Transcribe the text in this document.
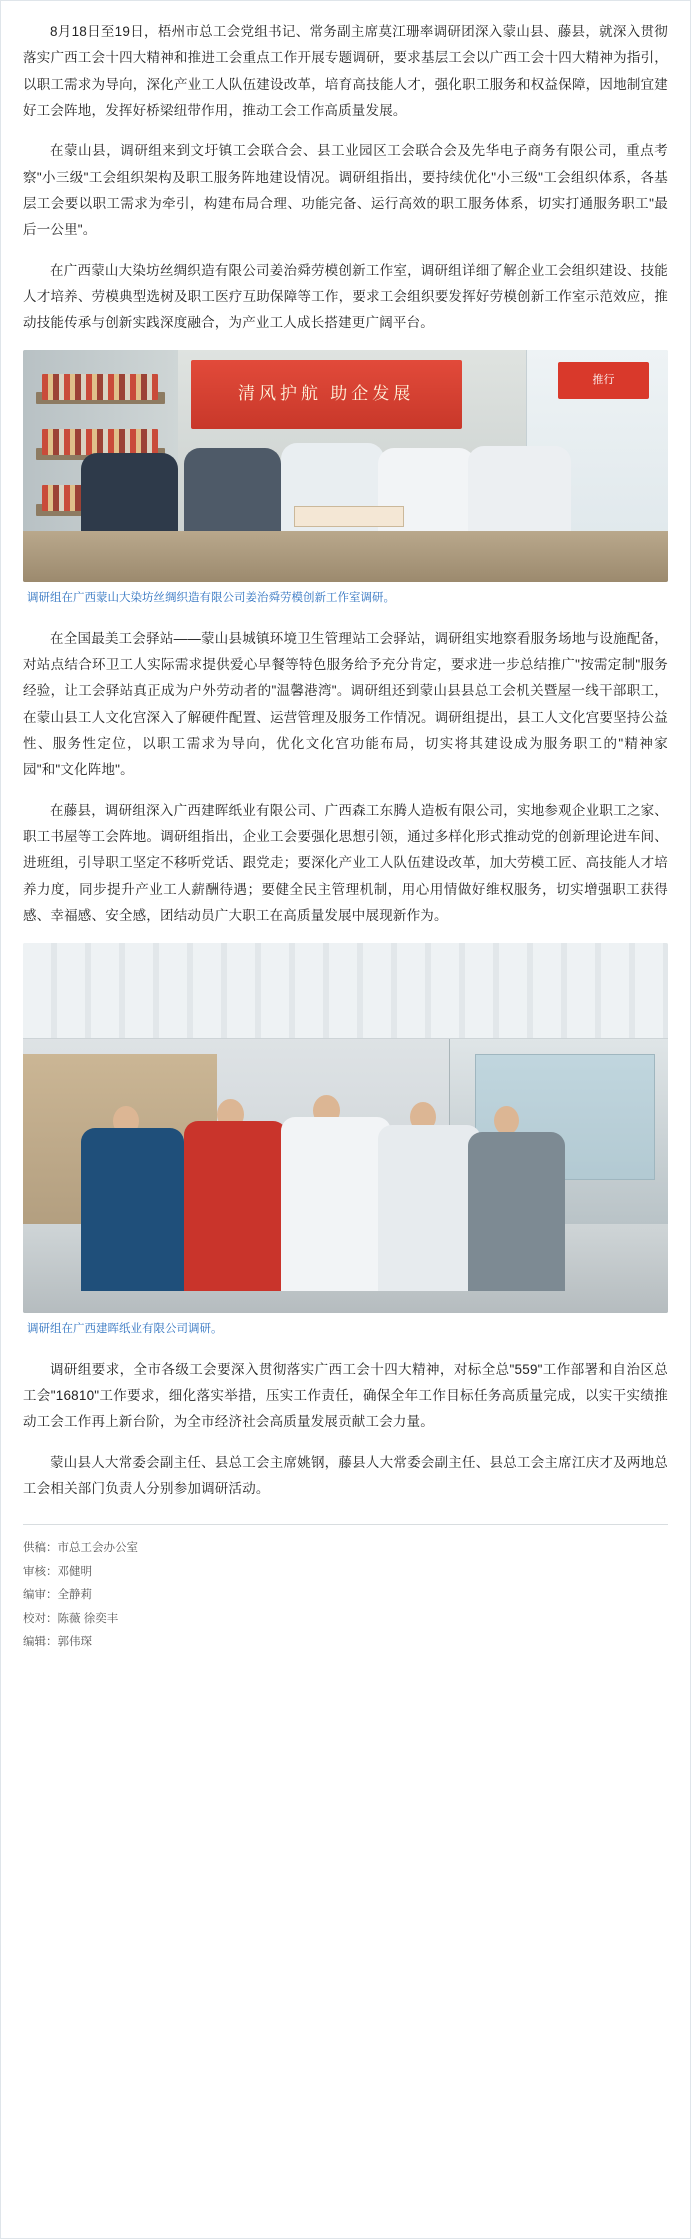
8月18日至19日，梧州市总工会党组书记、常务副主席莫江珊率调研团深入蒙山县、藤县，就深入贯彻落实广西工会十四大精神和推进工会重点工作开展专题调研，要求基层工会以广西工会十四大精神为指引，以职工需求为导向，深化产业工人队伍建设改革，培育高技能人才，强化职工服务和权益保障，因地制宜建好工会阵地，发挥好桥梁纽带作用，推动工会工作高质量发展。

在蒙山县，调研组来到文圩镇工会联合会、县工业园区工会联合会及先华电子商务有限公司，重点考察"小三级"工会组织架构及职工服务阵地建设情况。调研组指出，要持续优化"小三级"工会组织体系，各基层工会要以职工需求为牵引，构建布局合理、功能完备、运行高效的职工服务体系，切实打通服务职工"最后一公里"。

在广西蒙山大染坊丝绸织造有限公司姜治舜劳模创新工作室，调研组详细了解企业工会组织建设、技能人才培养、劳模典型选树及职工医疗互助保障等工作，要求工会组织要发挥好劳模创新工作室示范效应，推动技能传承与创新实践深度融合，为产业工人成长搭建更广阔平台。

清风护航 助企发展
推行
调研组在广西蒙山大染坊丝绸织造有限公司姜治舜劳模创新工作室调研。

在全国最美工会驿站——蒙山县城镇环境卫生管理站工会驿站，调研组实地察看服务场地与设施配备，对站点结合环卫工人实际需求提供爱心早餐等特色服务给予充分肯定，要求进一步总结推广"按需定制"服务经验，让工会驿站真正成为户外劳动者的"温馨港湾"。调研组还到蒙山县县总工会机关暨屋一线干部职工，在蒙山县工人文化宫深入了解硬件配置、运营管理及服务工作情况。调研组提出，县工人文化宫要坚持公益性、服务性定位，以职工需求为导向，优化文化宫功能布局，切实将其建设成为服务职工的"精神家园"和"文化阵地"。

在藤县，调研组深入广西建晖纸业有限公司、广西森工东腾人造板有限公司，实地参观企业职工之家、职工书屋等工会阵地。调研组指出，企业工会要强化思想引领，通过多样化形式推动党的创新理论进车间、进班组，引导职工坚定不移听党话、跟党走；要深化产业工人队伍建设改革，加大劳模工匠、高技能人才培养力度，同步提升产业工人薪酬待遇；要健全民主管理机制，用心用情做好维权服务，切实增强职工获得感、幸福感、安全感，团结动员广大职工在高质量发展中展现新作为。

调研组在广西建晖纸业有限公司调研。

调研组要求，全市各级工会要深入贯彻落实广西工会十四大精神，对标全总"559"工作部署和自治区总工会"16810"工作要求，细化落实举措，压实工作责任，确保全年工作目标任务高质量完成，以实干实绩推动工会工作再上新台阶，为全市经济社会高质量发展贡献工会力量。

蒙山县人大常委会副主任、县总工会主席姚钢，藤县人大常委会副主任、县总工会主席江庆才及两地总工会相关部门负责人分别参加调研活动。

供稿：市总工会办公室
审核：邓健明
编审：全静莉
校对：陈薇 徐奕丰
编辑：郭伟琛
